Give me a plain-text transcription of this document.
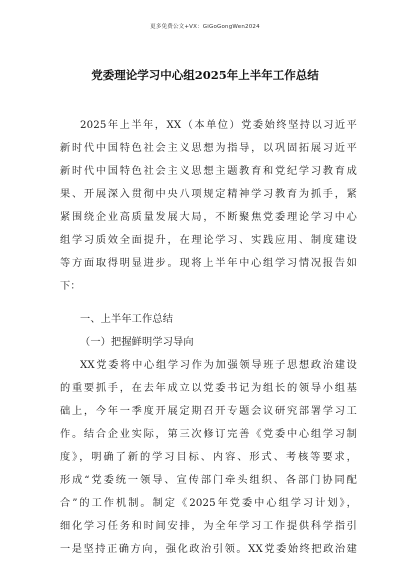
更多免费公文+VX：GiGoGongWen2024
党委理论学习中心组2025年上半年工作总结
2025年上半年，XX（本单位）党委始终坚持以习近平
新时代中国特色社会主义思想为指导，以巩固拓展习近平
新时代中国特色社会主义思想主题教育和党纪学习教育成
果、开展深入贯彻中央八项规定精神学习教育为抓手，紧
紧围绕企业高质量发展大局，不断聚焦党委理论学习中心
组学习质效全面提升，在理论学习、实践应用、制度建设
等方面取得明显进步。现将上半年中心组学习情况报告如
下：
一、上半年工作总结
（一）把握鲜明学习导向
XX党委将中心组学习作为加强领导班子思想政治建设
的重要抓手，在去年成立以党委书记为组长的领导小组基
础上，今年一季度开展定期召开专题会议研究部署学习工
作。结合企业实际，第三次修订完善《党委中心组学习制
度》，明确了新的学习目标、内容、形式、考核等要求，
形成“党委统一领导、宣传部门牵头组织、各部门协同配
合”的工作机制。制定《2025年党委中心组学习计划》，
细化学习任务和时间安排，为全年学习工作提供科学指引
一是坚持正确方向，强化政治引领。XX党委始终把政治建
